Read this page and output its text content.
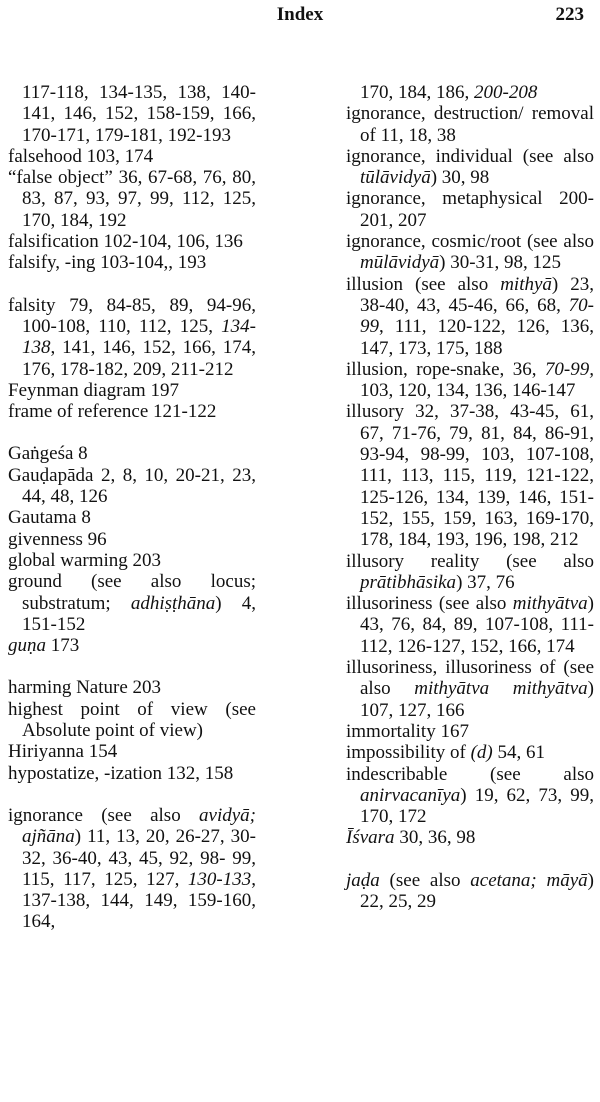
Index	223
117-118, 134-135, 138, 140-141, 146, 152, 158-159, 166, 170-171, 179-181, 192-193
falsehood 103, 174
“false object” 36, 67-68, 76, 80, 83, 87, 93, 97, 99, 112, 125, 170, 184, 192
falsification 102-104, 106, 136
falsify, -ing 103-104,, 193
falsity 79, 84-85, 89, 94-96, 100-108, 110, 112, 125, 134-138, 141, 146, 152, 166, 174, 176, 178-182, 209, 211-212
Feynman diagram 197
frame of reference 121-122
Gaṅgeśa 8
Gauḍapāda 2, 8, 10, 20-21, 23, 44, 48, 126
Gautama 8
givenness 96
global warming 203
ground (see also locus; substratum; adhiṣṭhāna) 4, 151-152
guṇa 173
harming Nature 203
highest point of view (see Absolute point of view)
Hiriyanna 154
hypostatize, -ization 132, 158
ignorance (see also avidyā; ajñāna) 11, 13, 20, 26-27, 30-32, 36-40, 43, 45, 92, 98- 99, 115, 117, 125, 127, 130-133, 137-138, 144, 149, 159-160, 164,
170, 184, 186, 200-208
ignorance, destruction/ removal of 11, 18, 38
ignorance, individual (see also tūlāvidyā) 30, 98
ignorance, metaphysical 200-201, 207
ignorance, cosmic/root (see also mūlāvidyā) 30-31, 98, 125
illusion (see also mithyā) 23, 38-40, 43, 45-46, 66, 68, 70-99, 111, 120-122, 126, 136, 147, 173, 175, 188
illusion, rope-snake, 36, 70-99, 103, 120, 134, 136, 146-147
illusory 32, 37-38, 43-45, 61, 67, 71-76, 79, 81, 84, 86-91, 93-94, 98-99, 103, 107-108, 111, 113, 115, 119, 121-122, 125-126, 134, 139, 146, 151-152, 155, 159, 163, 169-170, 178, 184, 193, 196, 198, 212
illusory reality (see also prātibhāsika) 37, 76
illusoriness (see also mithyātva) 43, 76, 84, 89, 107-108, 111-112, 126-127, 152, 166, 174
illusoriness, illusoriness of (see also mithyātva mithyātva) 107, 127, 166
immortality 167
impossibility of (d) 54, 61
indescribable (see also anirvacanīya) 19, 62, 73, 99, 170, 172
Īśvara 30, 36, 98
jaḍa (see also acetana; māyā) 22, 25, 29
